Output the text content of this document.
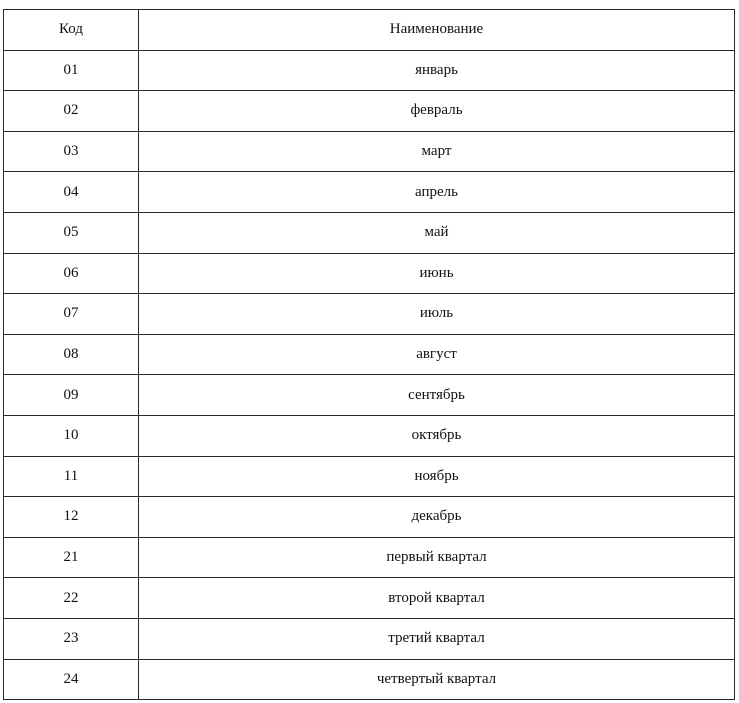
Код	Наименование
01	январь
02	февраль
03	март
04	апрель
05	май
06	июнь
07	июль
08	август
09	сентябрь
10	октябрь
11	ноябрь
12	декабрь
21	первый квартал
22	второй квартал
23	третий квартал
24	четвертый квартал
